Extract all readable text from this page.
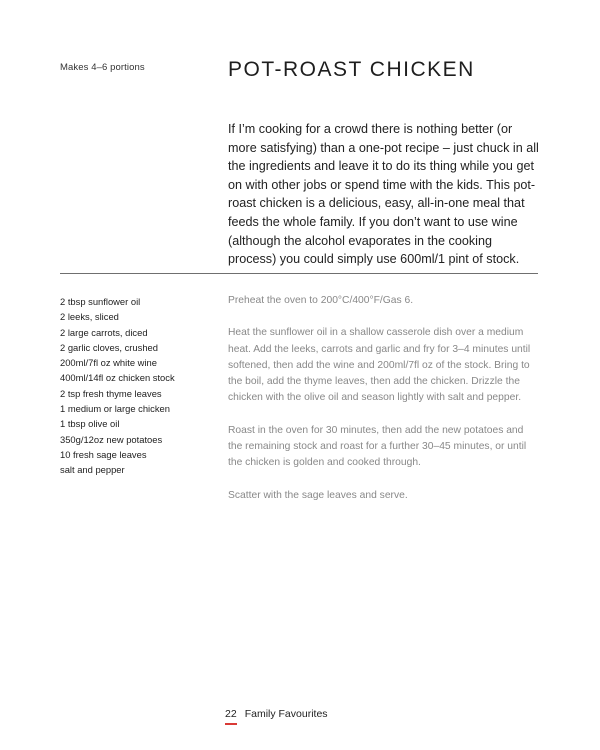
Makes 4–6 portions	POT-ROAST CHICKEN

If I’m cooking for a crowd there is nothing better (or more satisfying) than a one-pot recipe – just chuck in all the ingredients and leave it to do its thing while you get on with other jobs or spend time with the kids. This pot-roast chicken is a delicious, easy, all-in-one meal that feeds the whole family. If you don’t want to use wine (although the alcohol evaporates in the cooking process) you could simply use 600ml/1 pint of stock.

2 tbsp sunflower oil
2 leeks, sliced
2 large carrots, diced
2 garlic cloves, crushed
200ml/7fl oz white wine
400ml/14fl oz chicken stock
2 tsp fresh thyme leaves
1 medium or large chicken
1 tbsp olive oil
350g/12oz new potatoes
10 fresh sage leaves
salt and pepper

Preheat the oven to 200°C/400°F/Gas 6.

Heat the sunflower oil in a shallow casserole dish over a medium heat. Add the leeks, carrots and garlic and fry for 3–4 minutes until softened, then add the wine and 200ml/7fl oz of the stock. Bring to the boil, add the thyme leaves, then add the chicken. Drizzle the chicken with the olive oil and season lightly with salt and pepper.

Roast in the oven for 30 minutes, then add the new potatoes and the remaining stock and roast for a further 30–45 minutes, or until the chicken is golden and cooked through.

Scatter with the sage leaves and serve.

22 Family Favourites
